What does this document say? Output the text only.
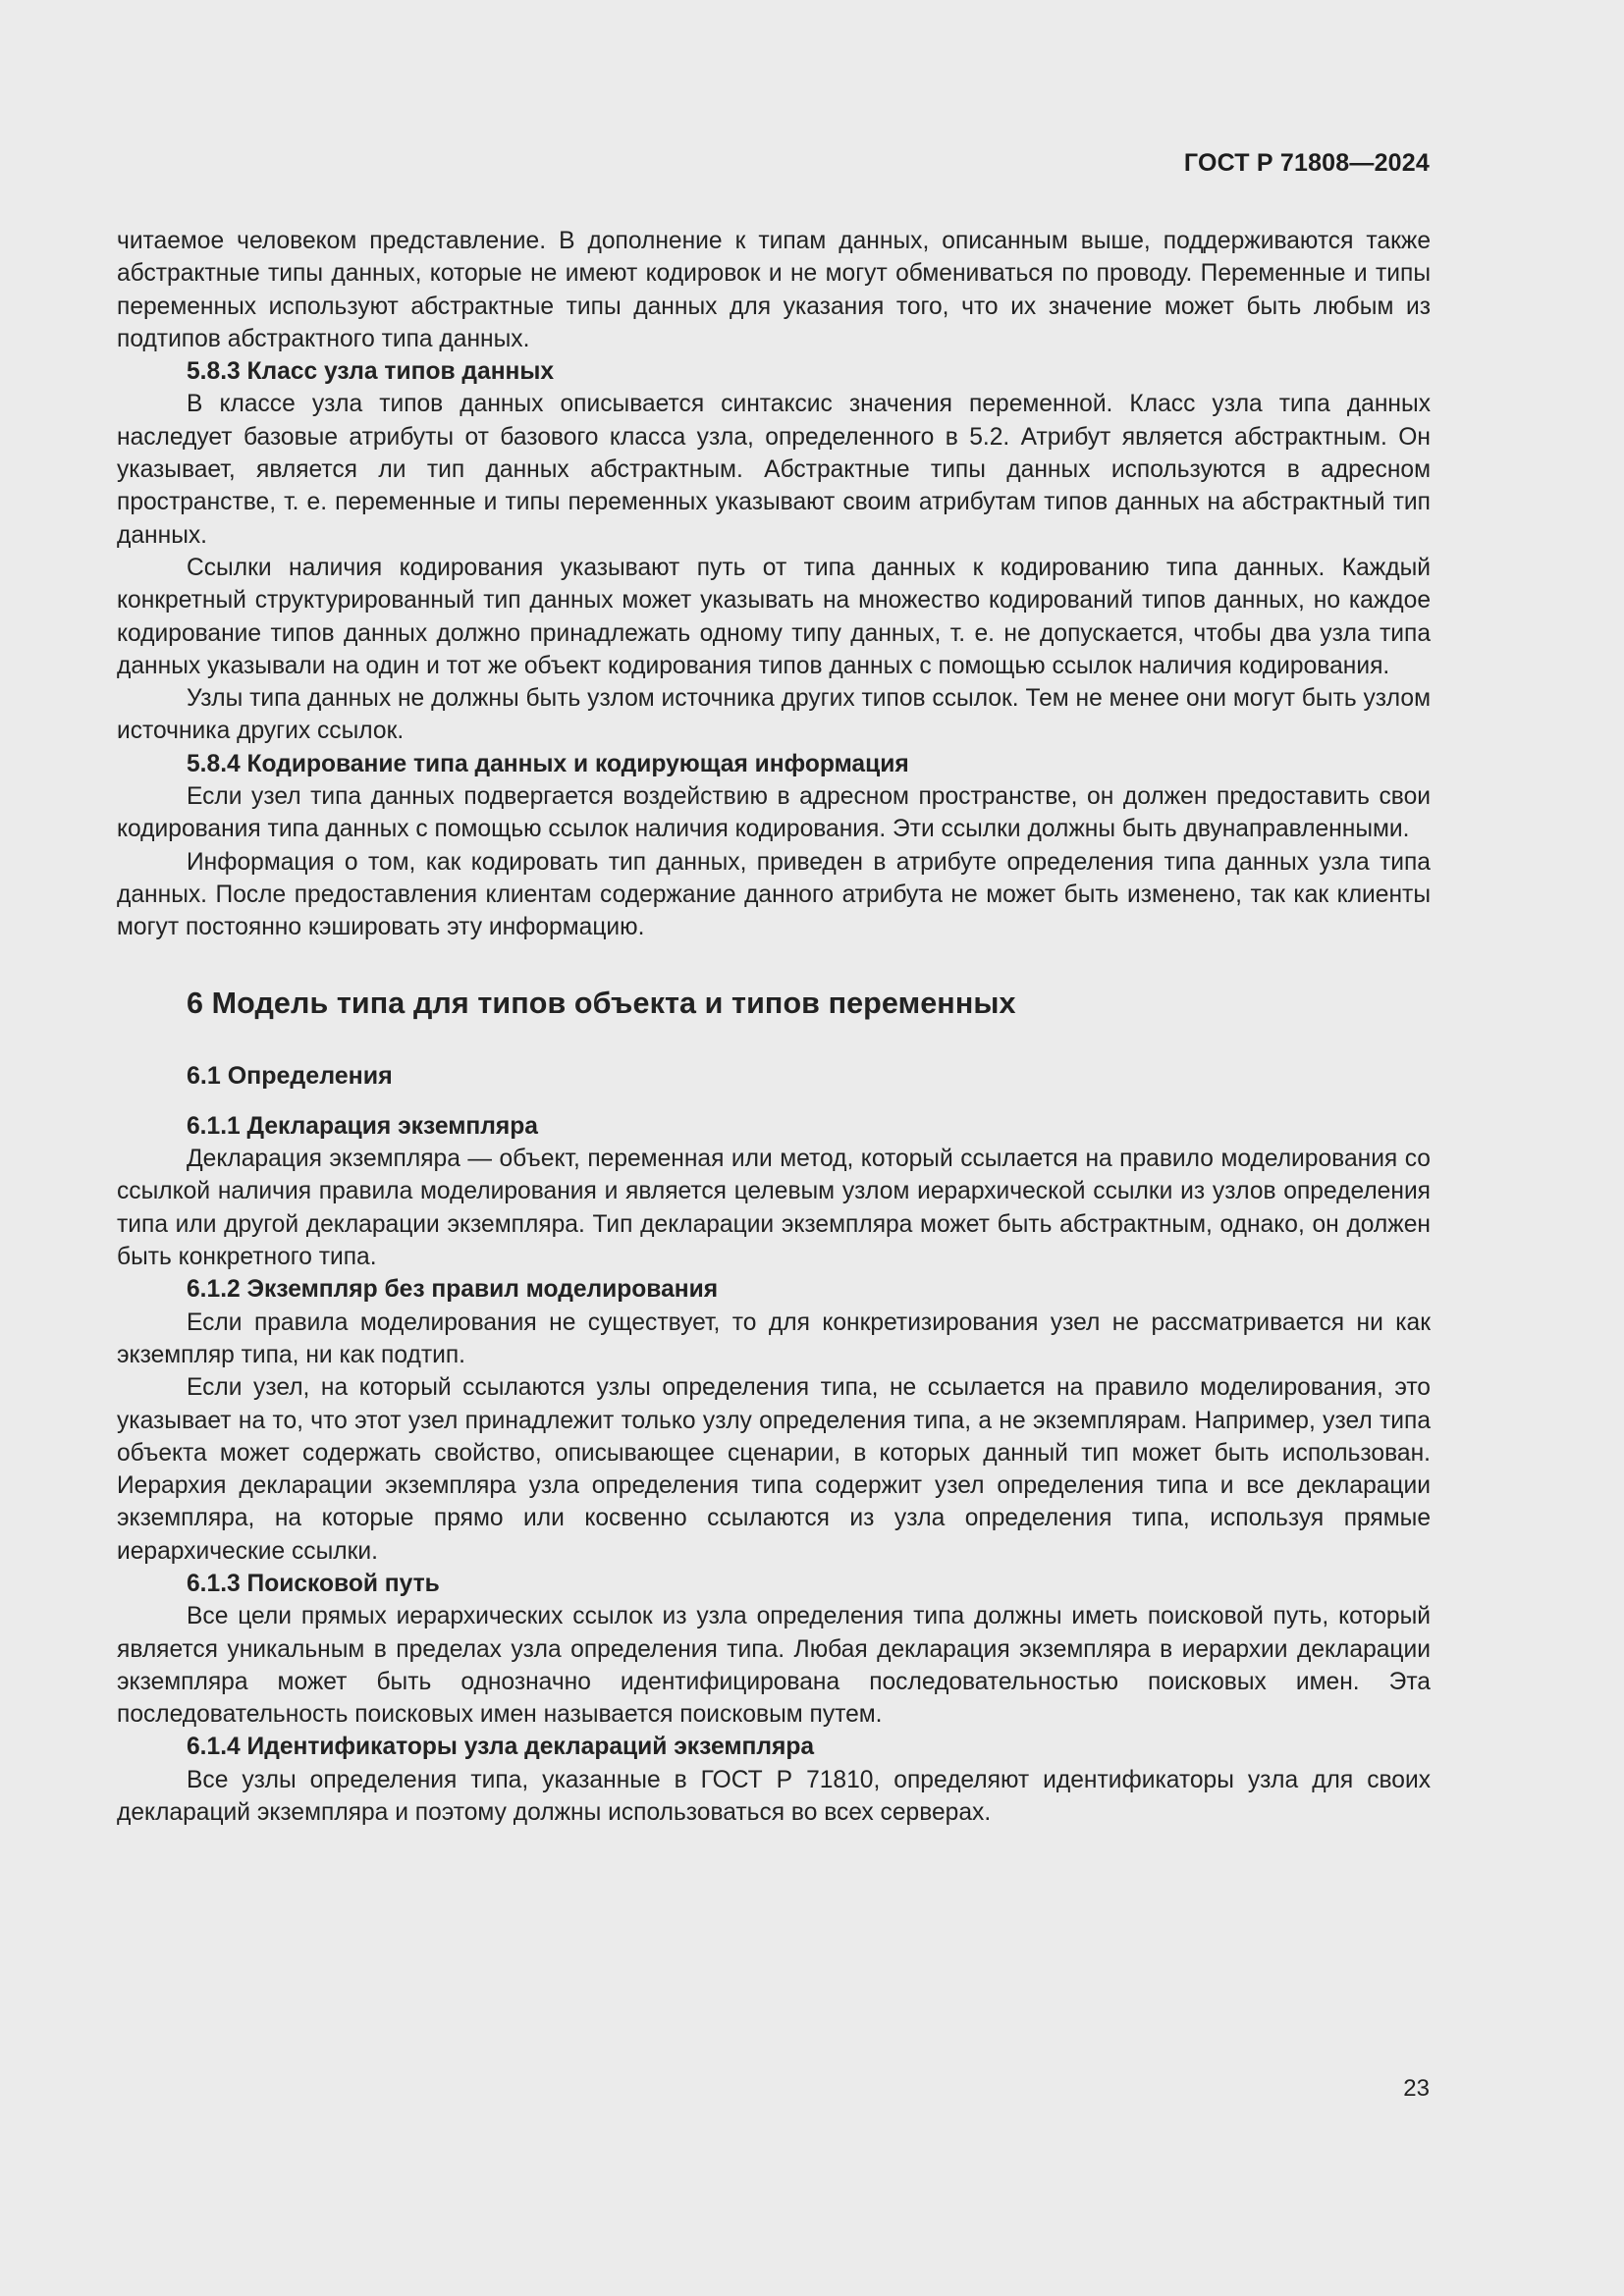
ГОСТ Р 71808—2024

читаемое человеком представление. В дополнение к типам данных, описанным выше, поддерживаются также абстрактные типы данных, которые не имеют кодировок и не могут обмениваться по проводу. Переменные и типы переменных используют абстрактные типы данных для указания того, что их значение может быть любым из подтипов абстрактного типа данных.

5.8.3 Класс узла типов данных

В классе узла типов данных описывается синтаксис значения переменной. Класс узла типа данных наследует базовые атрибуты от базового класса узла, определенного в 5.2. Атрибут является абстрактным. Он указывает, является ли тип данных абстрактным. Абстрактные типы данных используются в адресном пространстве, т. е. переменные и типы переменных указывают своим атрибутам типов данных на абстрактный тип данных.

Ссылки наличия кодирования указывают путь от типа данных к кодированию типа данных. Каждый конкретный структурированный тип данных может указывать на множество кодирований типов данных, но каждое кодирование типов данных должно принадлежать одному типу данных, т. е. не допускается, чтобы два узла типа данных указывали на один и тот же объект кодирования типов данных с помощью ссылок наличия кодирования.

Узлы типа данных не должны быть узлом источника других типов ссылок. Тем не менее они могут быть узлом источника других ссылок.

5.8.4 Кодирование типа данных и кодирующая информация

Если узел типа данных подвергается воздействию в адресном пространстве, он должен предоставить свои кодирования типа данных с помощью ссылок наличия кодирования. Эти ссылки должны быть двунаправленными.

Информация о том, как кодировать тип данных, приведен в атрибуте определения типа данных узла типа данных. После предоставления клиентам содержание данного атрибута не может быть изменено, так как клиенты могут постоянно кэшировать эту информацию.

6 Модель типа для типов объекта и типов переменных

6.1 Определения

6.1.1 Декларация экземпляра

Декларация экземпляра — объект, переменная или метод, который ссылается на правило моделирования со ссылкой наличия правила моделирования и является целевым узлом иерархической ссылки из узлов определения типа или другой декларации экземпляра. Тип декларации экземпляра может быть абстрактным, однако, он должен быть конкретного типа.

6.1.2 Экземпляр без правил моделирования

Если правила моделирования не существует, то для конкретизирования узел не рассматривается ни как экземпляр типа, ни как подтип.

Если узел, на который ссылаются узлы определения типа, не ссылается на правило моделирования, это указывает на то, что этот узел принадлежит только узлу определения типа, а не экземплярам. Например, узел типа объекта может содержать свойство, описывающее сценарии, в которых данный тип может быть использован. Иерархия декларации экземпляра узла определения типа содержит узел определения типа и все декларации экземпляра, на которые прямо или косвенно ссылаются из узла определения типа, используя прямые иерархические ссылки.

6.1.3 Поисковой путь

Все цели прямых иерархических ссылок из узла определения типа должны иметь поисковой путь, который является уникальным в пределах узла определения типа. Любая декларация экземпляра в иерархии декларации экземпляра может быть однозначно идентифицирована последовательностью поисковых имен. Эта последовательность поисковых имен называется поисковым путем.

6.1.4 Идентификаторы узла деклараций экземпляра

Все узлы определения типа, указанные в ГОСТ Р 71810, определяют идентификаторы узла для своих деклараций экземпляра и поэтому должны использоваться во всех серверах.

23
